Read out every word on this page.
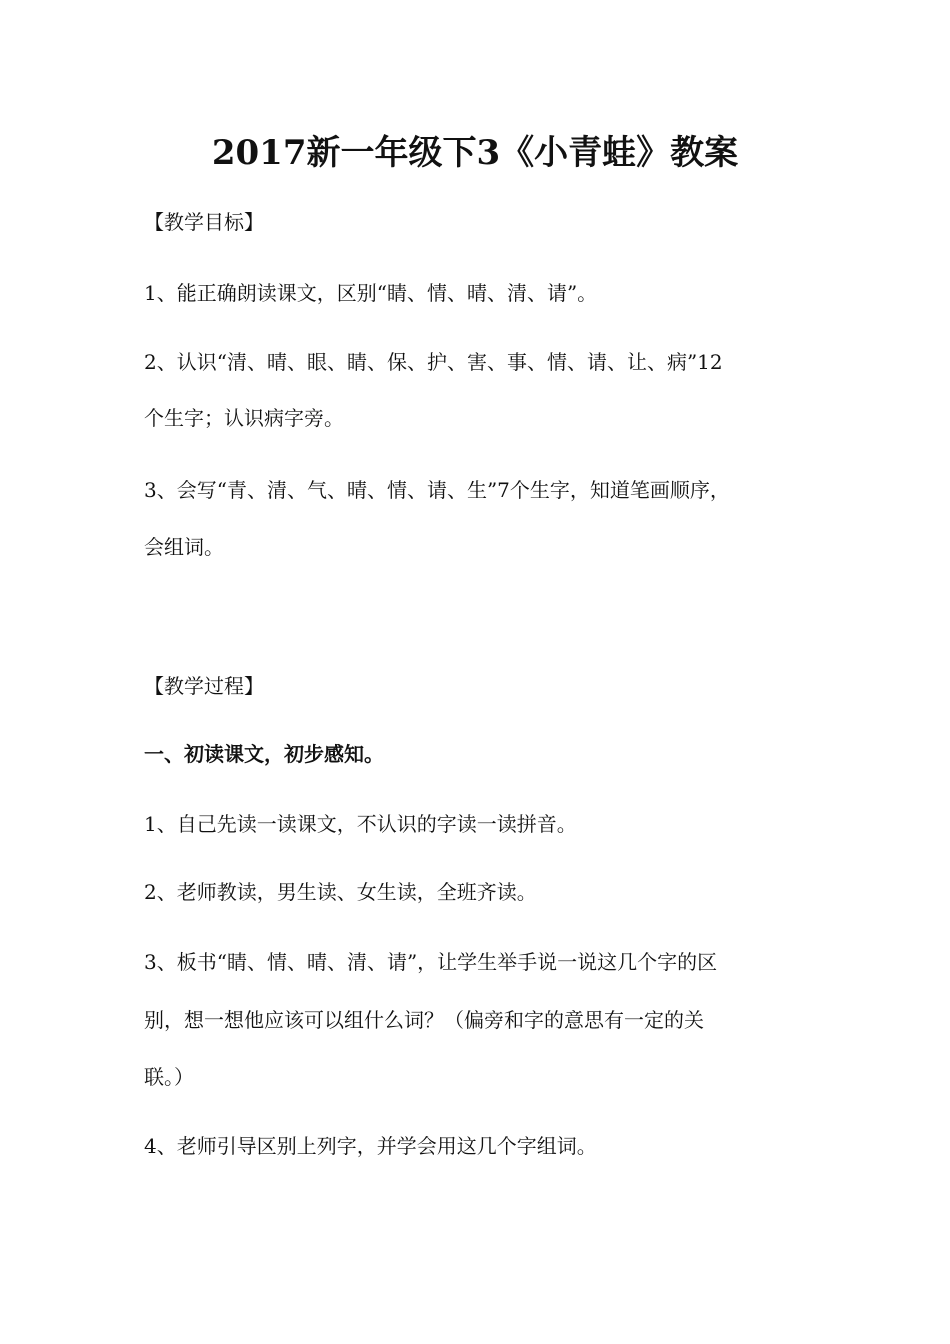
2017新一年级下3《小青蛙》教案
【教学目标】
1、能正确朗读课文，区别“睛、情、晴、清、请”。
2、认识“清、晴、眼、睛、保、护、害、事、情、请、让、病”12
个生字；认识病字旁。
3、会写“青、清、气、晴、情、请、生”7个生字，知道笔画顺序，
会组词。
【教学过程】
一、初读课文，初步感知。
1、自己先读一读课文，不认识的字读一读拼音。
2、老师教读，男生读、女生读，全班齐读。
3、板书“睛、情、晴、清、请”，让学生举手说一说这几个字的区
别，想一想他应该可以组什么词？（偏旁和字的意思有一定的关
联。）
4、老师引导区别上列字，并学会用这几个字组词。
